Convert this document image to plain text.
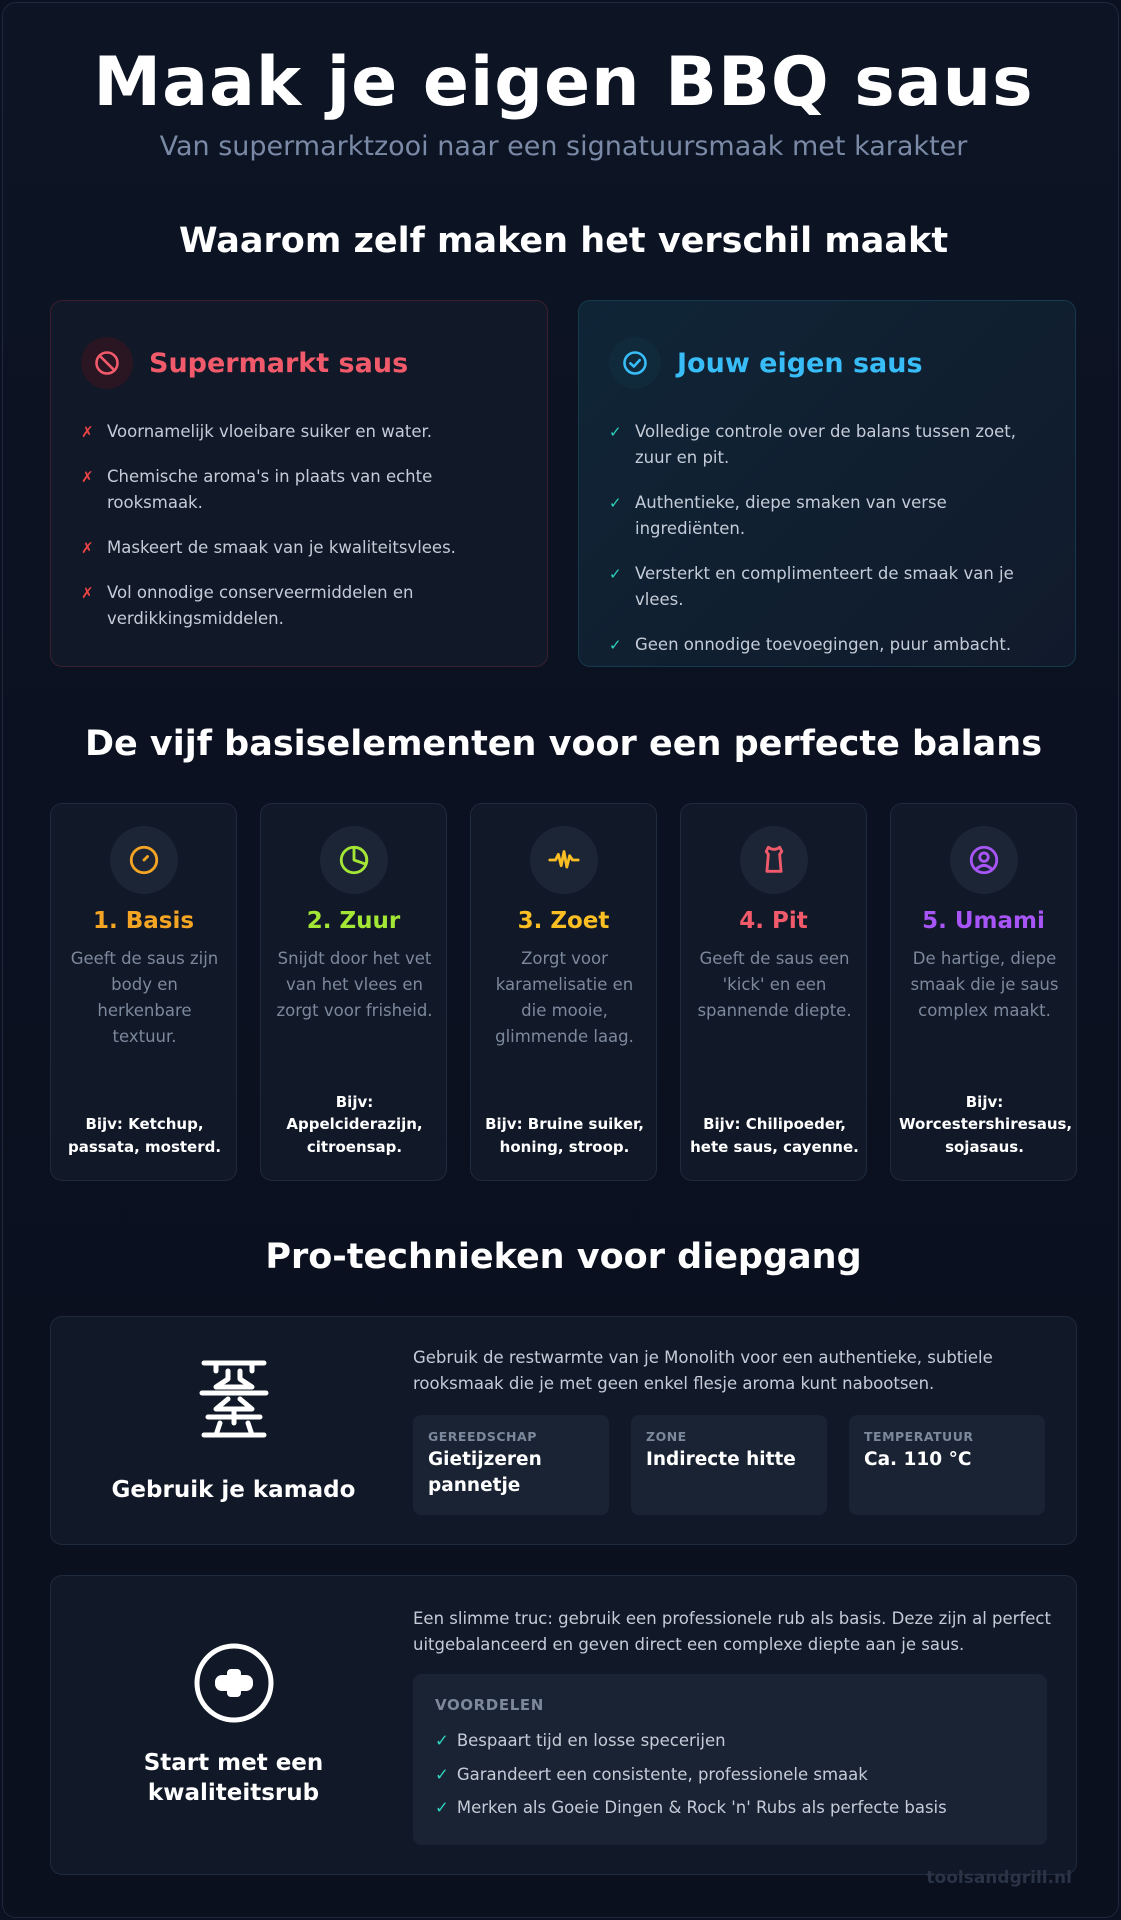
Maak je eigen BBQ saus
Van supermarktzooi naar een signatuursmaak met karakter
Waarom zelf maken het verschil maakt
Supermarkt saus
✗ Voornamelijk vloeibare suiker en water.
✗ Chemische aroma's in plaats van echte rooksmaak.
✗ Maskeert de smaak van je kwaliteitsvlees.
✗ Vol onnodige conserveermiddelen en verdikkingsmiddelen.
Jouw eigen saus
✓ Volledige controle over de balans tussen zoet, zuur en pit.
✓ Authentieke, diepe smaken van verse ingrediënten.
✓ Versterkt en complimenteert de smaak van je vlees.
✓ Geen onnodige toevoegingen, puur ambacht.
De vijf basiselementen voor een perfecte balans
1. Basis
Geeft de saus zijn body en herkenbare textuur.
Bijv: Ketchup, passata, mosterd.
2. Zuur
Snijdt door het vet van het vlees en zorgt voor frisheid.
Bijv: Appelciderazijn, citroensap.
3. Zoet
Zorgt voor karamelisatie en die mooie, glimmende laag.
Bijv: Bruine suiker, honing, stroop.
4. Pit
Geeft de saus een 'kick' en een spannende diepte.
Bijv: Chilipoeder, hete saus, cayenne.
5. Umami
De hartige, diepe smaak die je saus complex maakt.
Bijv: Worcestershiresaus, sojasaus.
Pro-technieken voor diepgang
Gebruik je kamado
Gebruik de restwarmte van je Monolith voor een authentieke, subtiele rooksmaak die je met geen enkel flesje aroma kunt nabootsen.
GEREEDSCHAP
Gietijzeren pannetje
ZONE
Indirecte hitte
TEMPERATUUR
Ca. 110 °C
Start met een kwaliteitsrub
Een slimme truc: gebruik een professionele rub als basis. Deze zijn al perfect uitgebalanceerd en geven direct een complexe diepte aan je saus.
VOORDELEN
✓ Bespaart tijd en losse specerijen
✓ Garandeert een consistente, professionele smaak
✓ Merken als Goeie Dingen & Rock 'n' Rubs als perfecte basis
toolsandgrill.nl
